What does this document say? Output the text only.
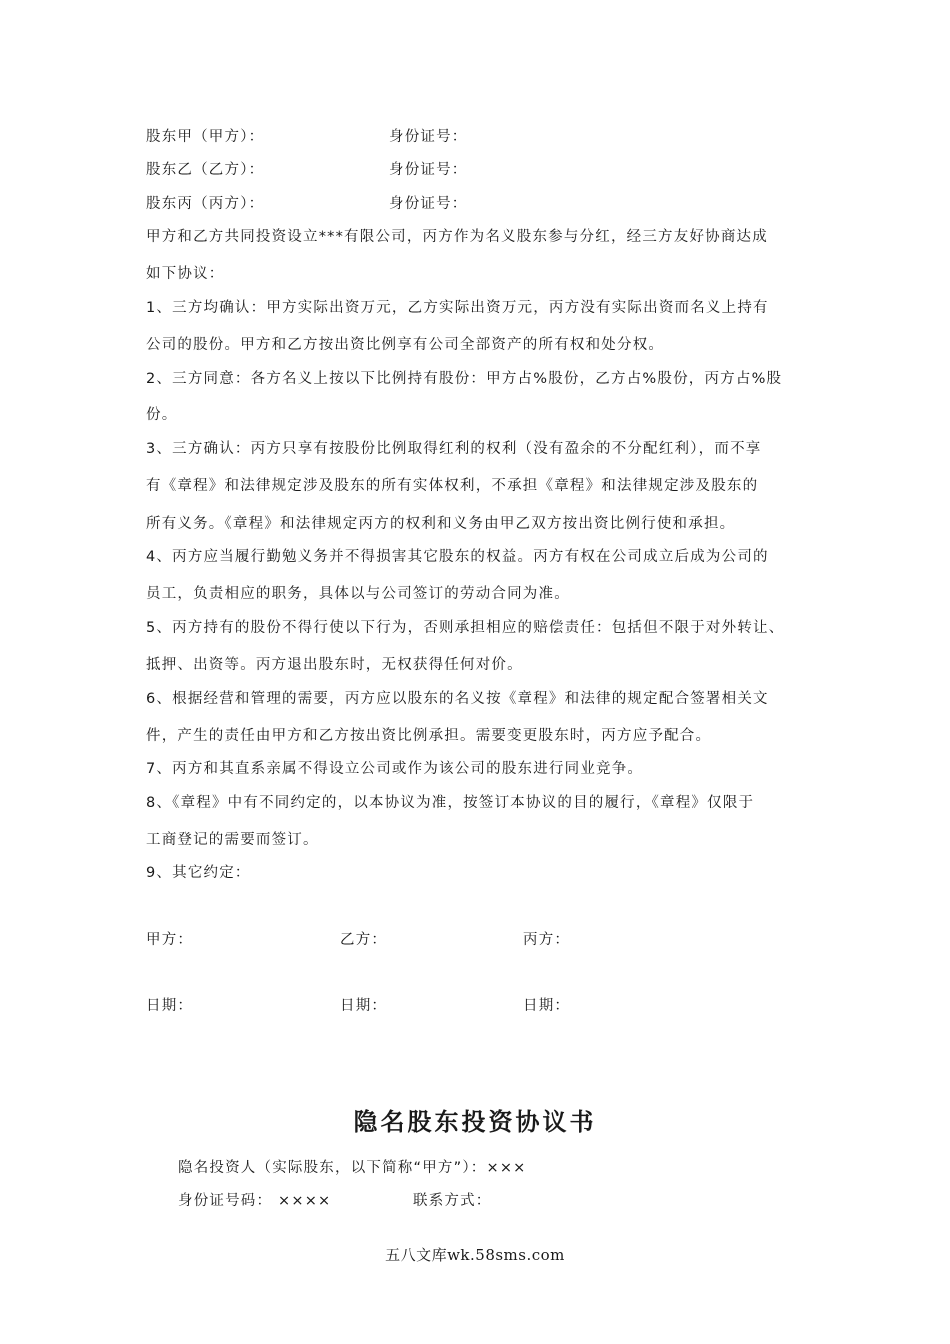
股东甲（甲方）：	身份证号：
股东乙（乙方）：	身份证号：
股东丙（丙方）：	身份证号：
甲方和乙方共同投资设立***有限公司，丙方作为名义股东参与分红，经三方友好协商达成
如下协议：
1、三方均确认：甲方实际出资万元，乙方实际出资万元，丙方没有实际出资而名义上持有
公司的股份。甲方和乙方按出资比例享有公司全部资产的所有权和处分权。
2、三方同意：各方名义上按以下比例持有股份：甲方占%股份，乙方占%股份，丙方占%股
份。
3、三方确认：丙方只享有按股份比例取得红利的权利（没有盈余的不分配红利），而不享
有《章程》和法律规定涉及股东的所有实体权利，不承担《章程》和法律规定涉及股东的
所有义务。《章程》和法律规定丙方的权利和义务由甲乙双方按出资比例行使和承担。
4、丙方应当履行勤勉义务并不得损害其它股东的权益。丙方有权在公司成立后成为公司的
员工，负责相应的职务，具体以与公司签订的劳动合同为准。
5、丙方持有的股份不得行使以下行为，否则承担相应的赔偿责任：包括但不限于对外转让、
抵押、出资等。丙方退出股东时，无权获得任何对价。
6、根据经营和管理的需要，丙方应以股东的名义按《章程》和法律的规定配合签署相关文
件，产生的责任由甲方和乙方按出资比例承担。需要变更股东时，丙方应予配合。
7、丙方和其直系亲属不得设立公司或作为该公司的股东进行同业竞争。
8、《章程》中有不同约定的，以本协议为准，按签订本协议的目的履行，《章程》仅限于
工商登记的需要而签订。
9、其它约定：
甲方：	乙方：	丙方：
日期：	日期：	日期：
隐名股东投资协议书
隐名投资人（实际股东，以下简称“甲方”）：×××
身份证号码： ××××	联系方式：
五八文库wk.58sms.com
